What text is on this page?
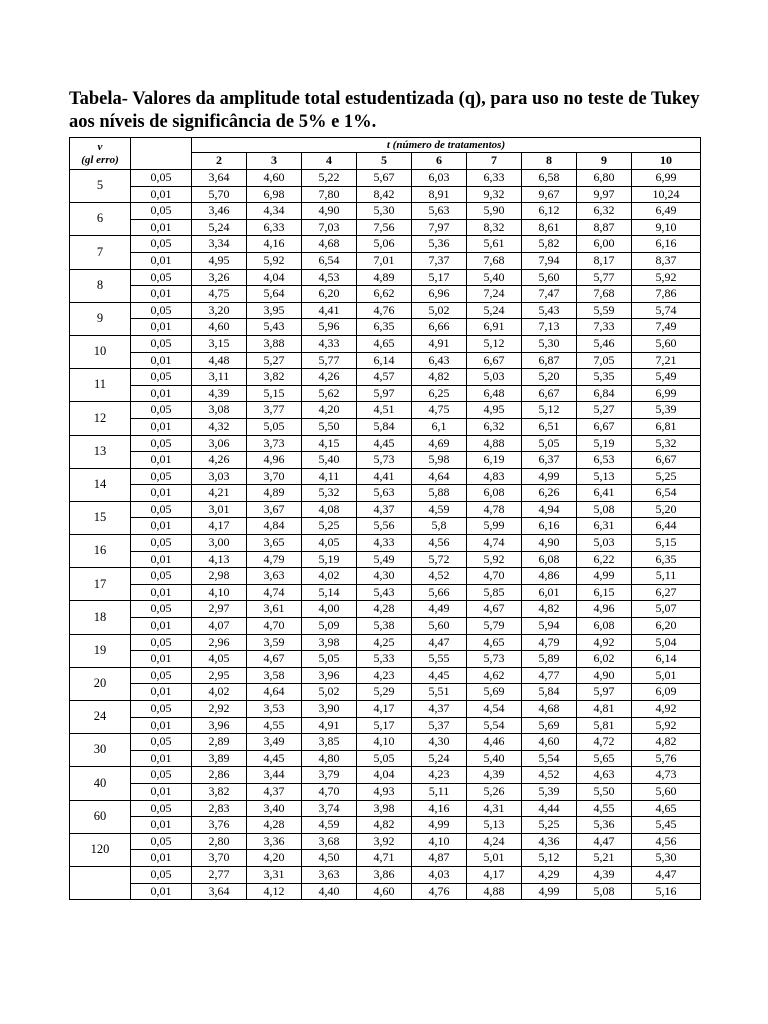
Tabela- Valores da amplitude total estudentizada (q), para uso no teste de Tukey aos níveis de significância de 5% e 1%.
v
(gl erro)		t (número de tratamentos)								
		2	3	4	5	6	7	8	9	10
5	0,05	3,64	4,60	5,22	5,67	6,03	6,33	6,58	6,80	6,99
	0,01	5,70	6,98	7,80	8,42	8,91	9,32	9,67	9,97	10,24
6	0,05	3,46	4,34	4,90	5,30	5,63	5,90	6,12	6,32	6,49
	0,01	5,24	6,33	7,03	7,56	7,97	8,32	8,61	8,87	9,10
7	0,05	3,34	4,16	4,68	5,06	5,36	5,61	5,82	6,00	6,16
	0,01	4,95	5,92	6,54	7,01	7,37	7,68	7,94	8,17	8,37
8	0,05	3,26	4,04	4,53	4,89	5,17	5,40	5,60	5,77	5,92
	0,01	4,75	5,64	6,20	6,62	6,96	7,24	7,47	7,68	7,86
9	0,05	3,20	3,95	4,41	4,76	5,02	5,24	5,43	5,59	5,74
	0,01	4,60	5,43	5,96	6,35	6,66	6,91	7,13	7,33	7,49
10	0,05	3,15	3,88	4,33	4,65	4,91	5,12	5,30	5,46	5,60
	0,01	4,48	5,27	5,77	6,14	6,43	6,67	6,87	7,05	7,21
11	0,05	3,11	3,82	4,26	4,57	4,82	5,03	5,20	5,35	5,49
	0,01	4,39	5,15	5,62	5,97	6,25	6,48	6,67	6,84	6,99
12	0,05	3,08	3,77	4,20	4,51	4,75	4,95	5,12	5,27	5,39
	0,01	4,32	5,05	5,50	5,84	6,1	6,32	6,51	6,67	6,81
13	0,05	3,06	3,73	4,15	4,45	4,69	4,88	5,05	5,19	5,32
	0,01	4,26	4,96	5,40	5,73	5,98	6,19	6,37	6,53	6,67
14	0,05	3,03	3,70	4,11	4,41	4,64	4,83	4,99	5,13	5,25
	0,01	4,21	4,89	5,32	5,63	5,88	6,08	6,26	6,41	6,54
15	0,05	3,01	3,67	4,08	4,37	4,59	4,78	4,94	5,08	5,20
	0,01	4,17	4,84	5,25	5,56	5,8	5,99	6,16	6,31	6,44
16	0,05	3,00	3,65	4,05	4,33	4,56	4,74	4,90	5,03	5,15
	0,01	4,13	4,79	5,19	5,49	5,72	5,92	6,08	6,22	6,35
17	0,05	2,98	3,63	4,02	4,30	4,52	4,70	4,86	4,99	5,11
	0,01	4,10	4,74	5,14	5,43	5,66	5,85	6,01	6,15	6,27
18	0,05	2,97	3,61	4,00	4,28	4,49	4,67	4,82	4,96	5,07
	0,01	4,07	4,70	5,09	5,38	5,60	5,79	5,94	6,08	6,20
19	0,05	2,96	3,59	3,98	4,25	4,47	4,65	4,79	4,92	5,04
	0,01	4,05	4,67	5,05	5,33	5,55	5,73	5,89	6,02	6,14
20	0,05	2,95	3,58	3,96	4,23	4,45	4,62	4,77	4,90	5,01
	0,01	4,02	4,64	5,02	5,29	5,51	5,69	5,84	5,97	6,09
24	0,05	2,92	3,53	3,90	4,17	4,37	4,54	4,68	4,81	4,92
	0,01	3,96	4,55	4,91	5,17	5,37	5,54	5,69	5,81	5,92
30	0,05	2,89	3,49	3,85	4,10	4,30	4,46	4,60	4,72	4,82
	0,01	3,89	4,45	4,80	5,05	5,24	5,40	5,54	5,65	5,76
40	0,05	2,86	3,44	3,79	4,04	4,23	4,39	4,52	4,63	4,73
	0,01	3,82	4,37	4,70	4,93	5,11	5,26	5,39	5,50	5,60
60	0,05	2,83	3,40	3,74	3,98	4,16	4,31	4,44	4,55	4,65
	0,01	3,76	4,28	4,59	4,82	4,99	5,13	5,25	5,36	5,45
120	0,05	2,80	3,36	3,68	3,92	4,10	4,24	4,36	4,47	4,56
	0,01	3,70	4,20	4,50	4,71	4,87	5,01	5,12	5,21	5,30
	0,05	2,77	3,31	3,63	3,86	4,03	4,17	4,29	4,39	4,47
	0,01	3,64	4,12	4,40	4,60	4,76	4,88	4,99	5,08	5,16
